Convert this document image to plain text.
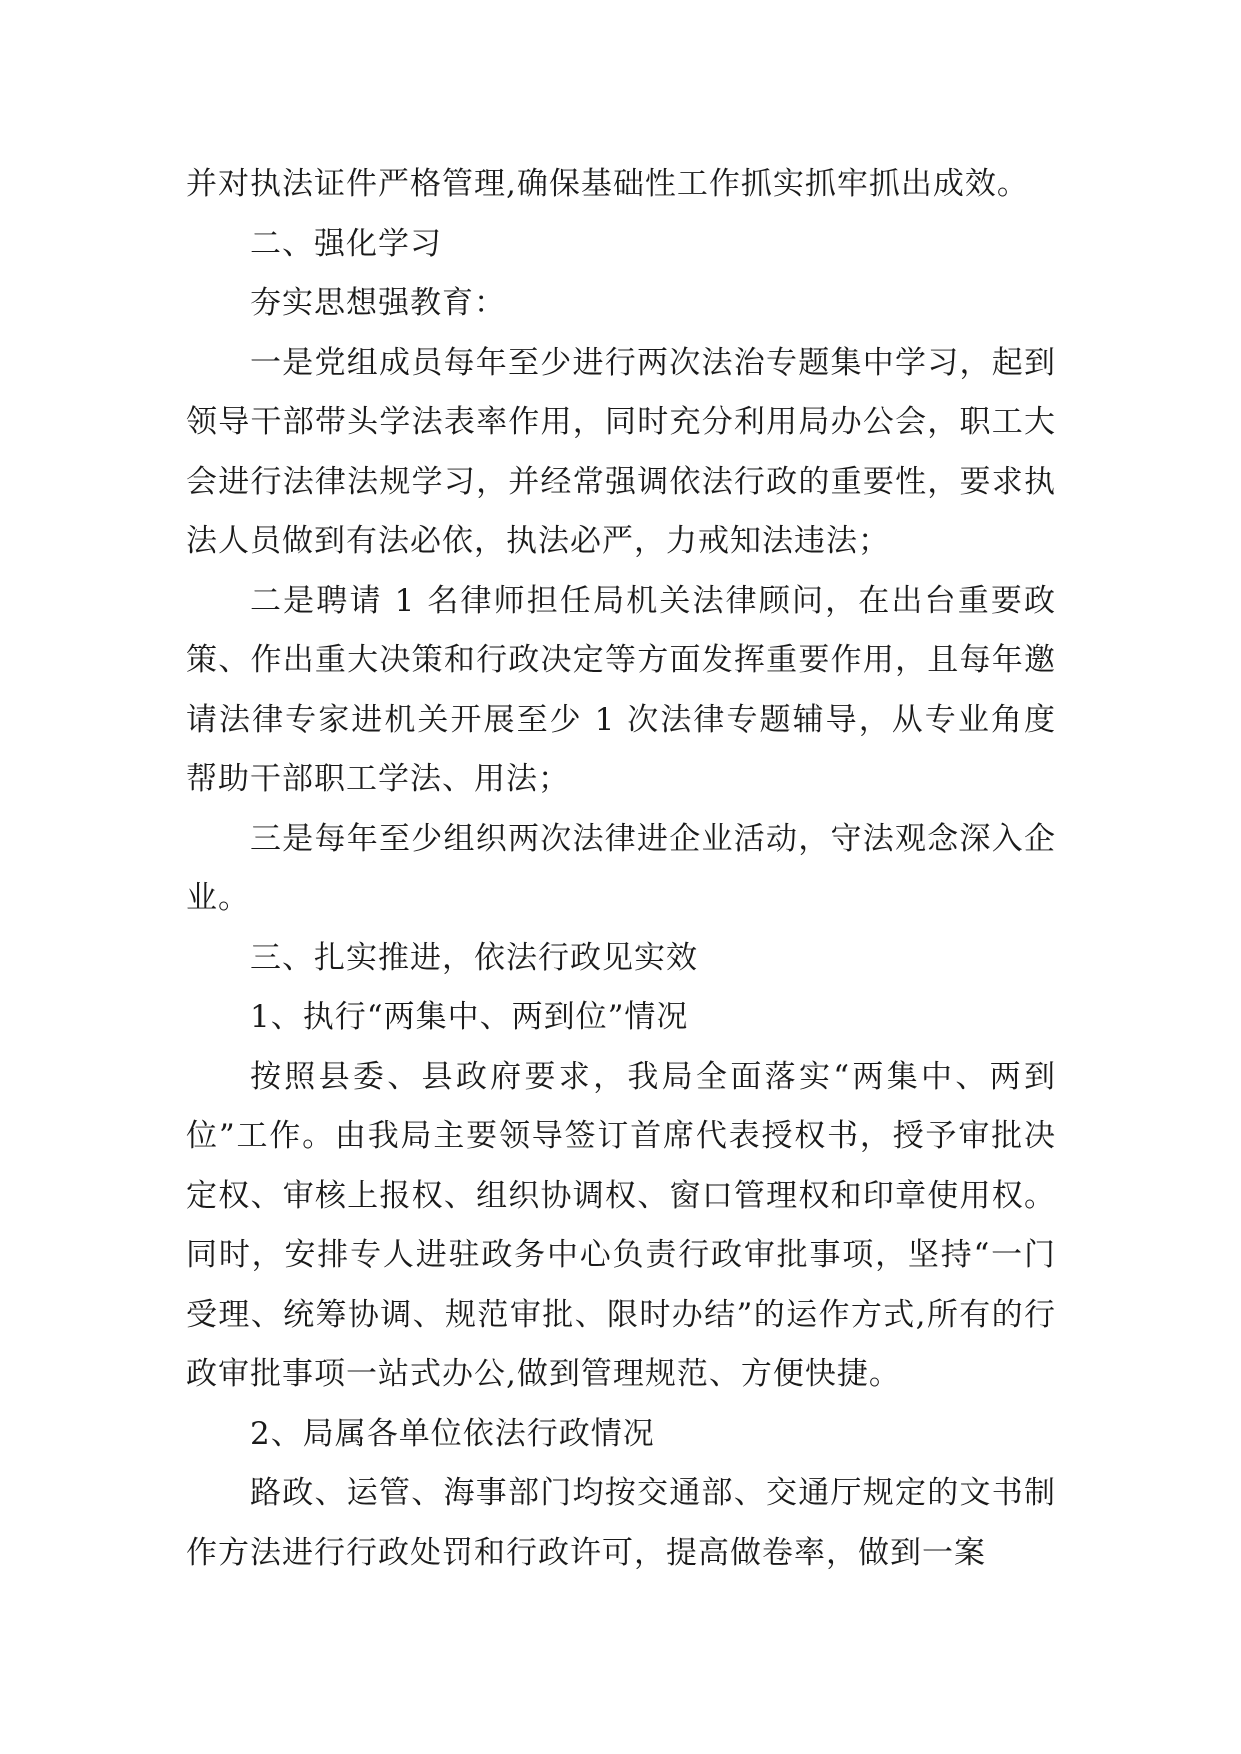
并对执法证件严格管理,确保基础性工作抓实抓牢抓出成效。

二、强化学习

夯实思想强教育：

一是党组成员每年至少进行两次法治专题集中学习，起到领导干部带头学法表率作用，同时充分利用局办公会，职工大会进行法律法规学习，并经常强调依法行政的重要性，要求执法人员做到有法必依，执法必严，力戒知法违法；

二是聘请 1 名律师担任局机关法律顾问，在出台重要政策、作出重大决策和行政决定等方面发挥重要作用，且每年邀请法律专家进机关开展至少 1 次法律专题辅导，从专业角度帮助干部职工学法、用法；

三是每年至少组织两次法律进企业活动，守法观念深入企业。

三、扎实推进，依法行政见实效

1、执行“两集中、两到位”情况

按照县委、县政府要求，我局全面落实“两集中、两到位”工作。由我局主要领导签订首席代表授权书，授予审批决定权、审核上报权、组织协调权、窗口管理权和印章使用权。同时，安排专人进驻政务中心负责行政审批事项，坚持“一门受理、统筹协调、规范审批、限时办结”的运作方式,所有的行政审批事项一站式办公,做到管理规范、方便快捷。

2、局属各单位依法行政情况

路政、运管、海事部门均按交通部、交通厅规定的文书制作方法进行行政处罚和行政许可，提高做卷率，做到一案
